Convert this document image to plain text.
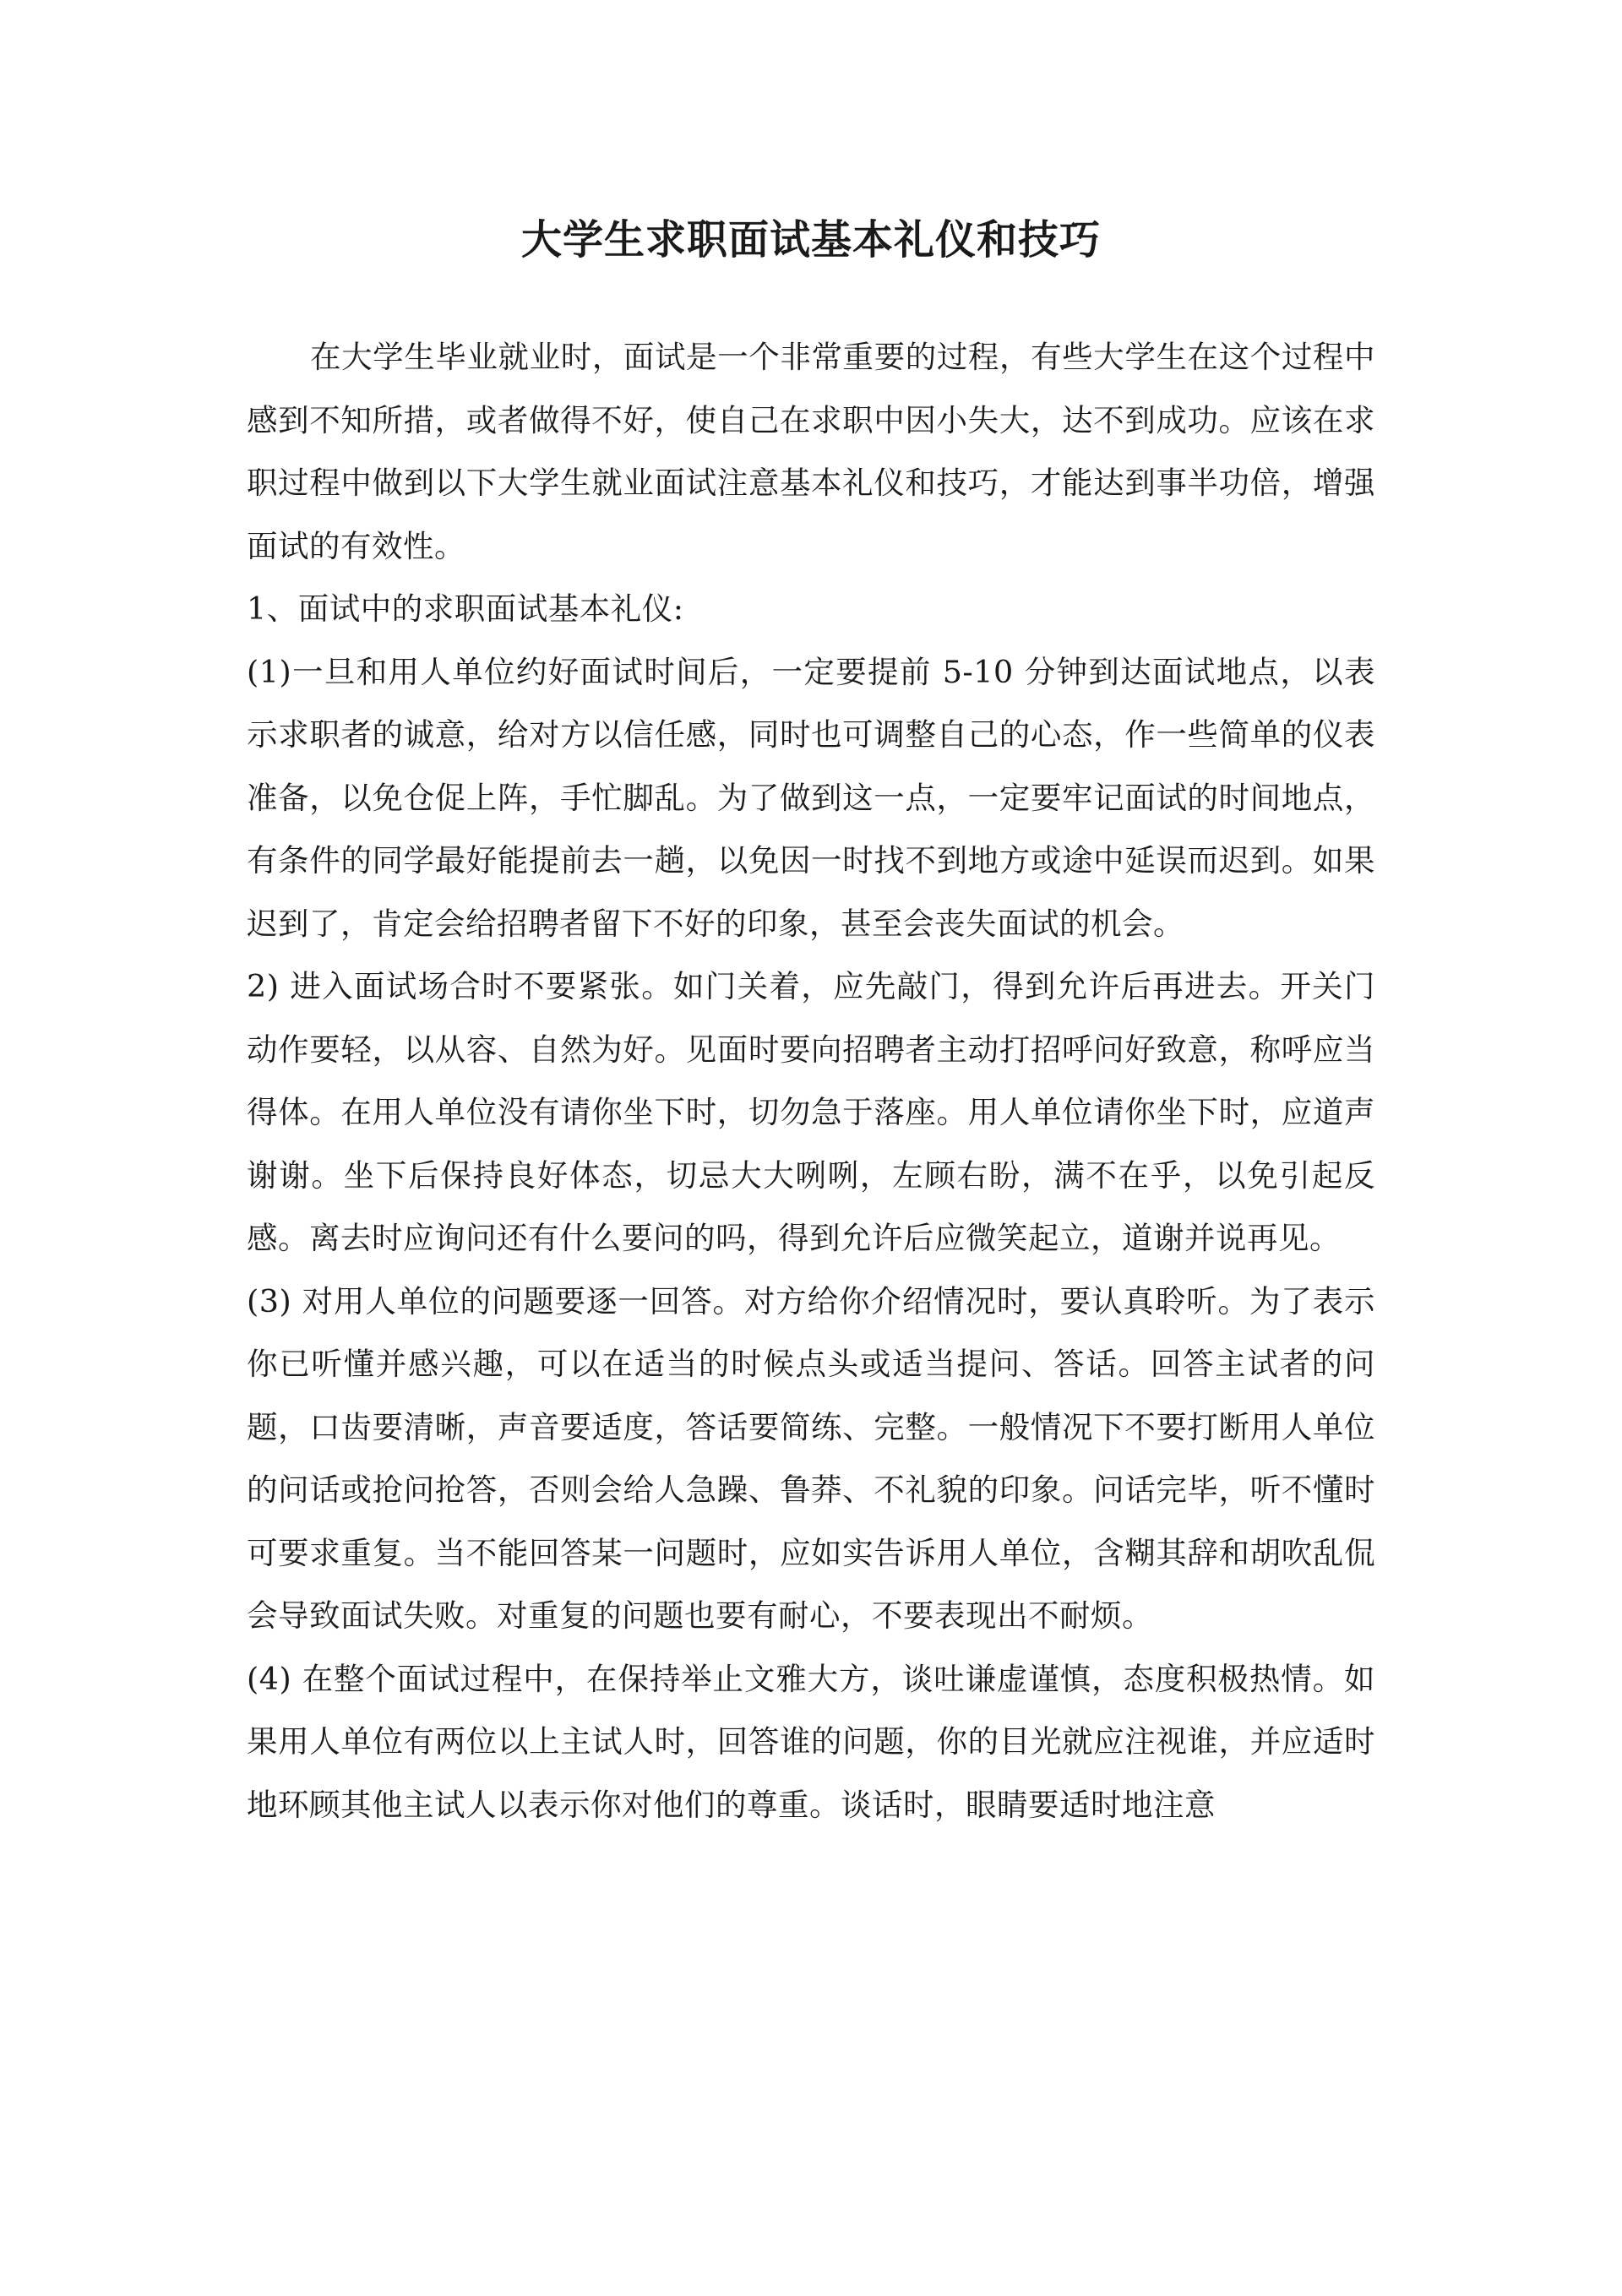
大学生求职面试基本礼仪和技巧

在大学生毕业就业时，面试是一个非常重要的过程，有些大学生在这个过程中感到不知所措，或者做得不好，使自己在求职中因小失大，达不到成功。应该在求职过程中做到以下大学生就业面试注意基本礼仪和技巧，才能达到事半功倍，增强面试的有效性。

1、面试中的求职面试基本礼仪:

(1)一旦和用人单位约好面试时间后，一定要提前 5-10 分钟到达面试地点，以表示求职者的诚意，给对方以信任感，同时也可调整自己的心态，作一些简单的仪表准备，以免仓促上阵，手忙脚乱。为了做到这一点，一定要牢记面试的时间地点，有条件的同学最好能提前去一趟，以免因一时找不到地方或途中延误而迟到。如果迟到了，肯定会给招聘者留下不好的印象，甚至会丧失面试的机会。

2) 进入面试场合时不要紧张。如门关着，应先敲门，得到允许后再进去。开关门动作要轻，以从容、自然为好。见面时要向招聘者主动打招呼问好致意，称呼应当得体。在用人单位没有请你坐下时，切勿急于落座。用人单位请你坐下时，应道声谢谢。坐下后保持良好体态，切忌大大咧咧，左顾右盼，满不在乎，以免引起反感。离去时应询问还有什么要问的吗，得到允许后应微笑起立，道谢并说再见。

(3) 对用人单位的问题要逐一回答。对方给你介绍情况时，要认真聆听。为了表示你已听懂并感兴趣，可以在适当的时候点头或适当提问、答话。回答主试者的问题，口齿要清晰，声音要适度，答话要简练、完整。一般情况下不要打断用人单位的问话或抢问抢答，否则会给人急躁、鲁莽、不礼貌的印象。问话完毕，听不懂时可要求重复。当不能回答某一问题时，应如实告诉用人单位，含糊其辞和胡吹乱侃会导致面试失败。对重复的问题也要有耐心，不要表现出不耐烦。

(4) 在整个面试过程中，在保持举止文雅大方，谈吐谦虚谨慎，态度积极热情。如果用人单位有两位以上主试人时，回答谁的问题，你的目光就应注视谁，并应适时地环顾其他主试人以表示你对他们的尊重。谈话时，眼睛要适时地注意
